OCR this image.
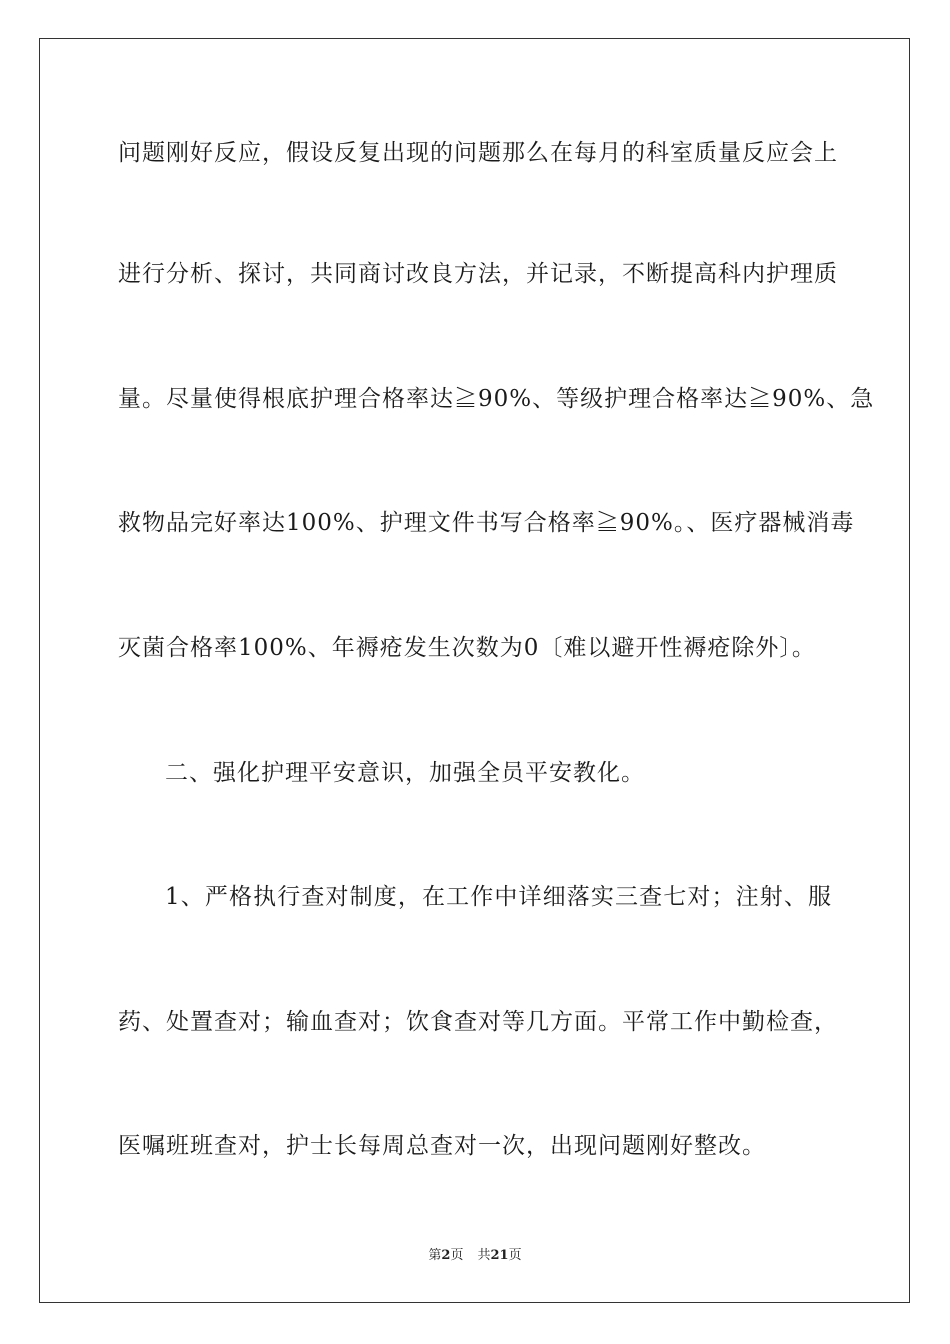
问题刚好反应，假设反复出现的问题那么在每月的科室质量反应会上
进行分析、探讨，共同商讨改良方法，并记录，不断提高科内护理质
量。尽量使得根底护理合格率达≧90%、等级护理合格率达≧90%、急
救物品完好率达100%、护理文件书写合格率≧90%。、医疗器械消毒
灭菌合格率100%、年褥疮发生次数为0〔难以避开性褥疮除外〕。
二、强化护理平安意识，加强全员平安教化。
1、严格执行查对制度，在工作中详细落实三查七对；注射、服
药、处置查对；输血查对；饮食查对等几方面。平常工作中勤检查，
医嘱班班查对，护士长每周总查对一次，出现问题刚好整改。
第2页 共21页
